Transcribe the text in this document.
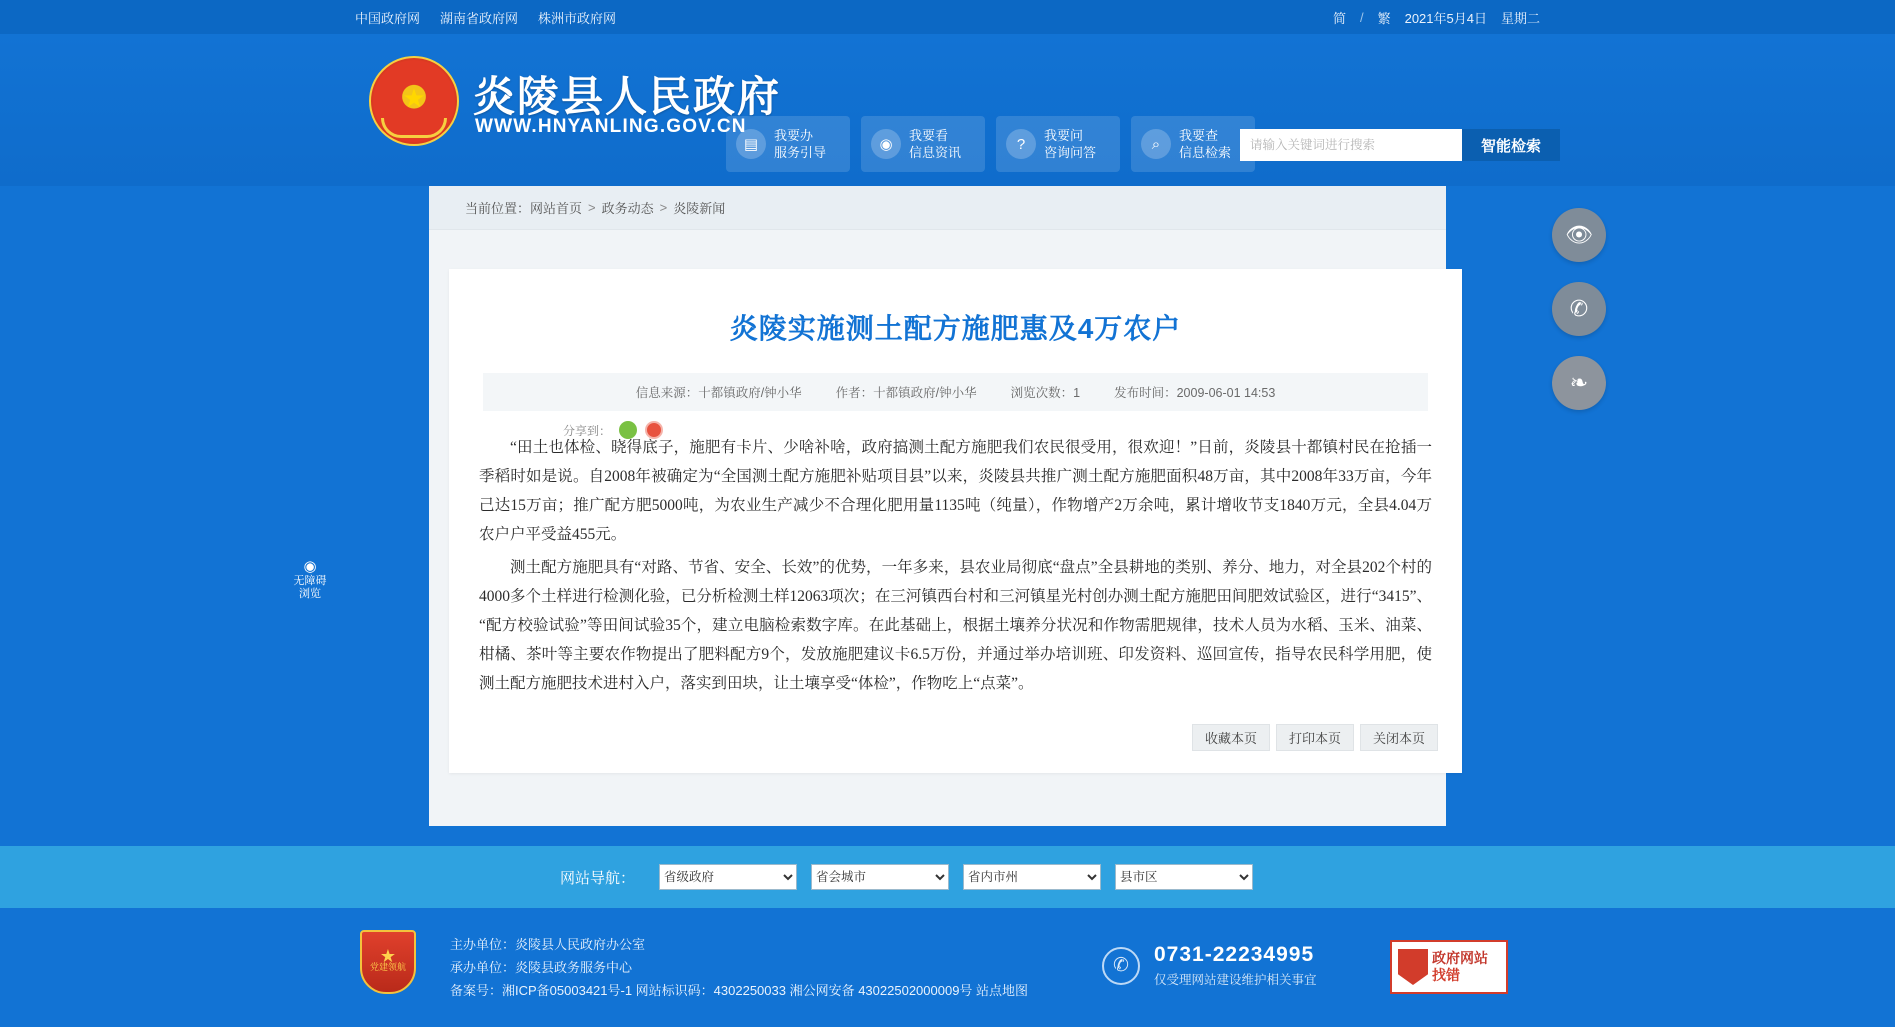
中国政府网 湖南省政府网 株洲市政府网	简 / 繁 2021年5月4日 星期二
★ 炎陵县人民政府
WWW.HNYANLING.GOV.CN
▤
我要办
服务引导	◉
我要看
信息资讯	?	我要问
咨询问答	⌕	我要查
信息检索
请输入关键词进行搜索	智能检索
◉
无障碍
浏览
当前位置： 网站首页 > 政务动态 > 炎陵新闻
炎陵实施测土配方施肥惠及4万农户
信息来源：十都镇政府/钟小华	作者：十都镇政府/钟小华	浏览次数：1	发布时间：2009-06-01 14:53
分享到：

“田土也体检、晓得底子，施肥有卡片、少啥补啥，政府搞测土配方施肥我们农民很受用，很欢迎！”日前，炎陵县十都镇村民在抢插一季稻时如是说。自2008年被确定为“全国测土配方施肥补贴项目县”以来，炎陵县共推广测土配方施肥面积48万亩，其中2008年33万亩，今年己达15万亩；推广配方肥5000吨，为农业生产减少不合理化肥用量1135吨（纯量），作物增产2万余吨，累计增收节支1840万元，全县4.04万农户户平受益455元。

测土配方施肥具有“对路、节省、安全、长效”的优势，一年多来，县农业局彻底“盘点”全县耕地的类别、养分、地力，对全县202个村的4000多个土样进行检测化验，已分析检测土样12063项次；在三河镇西台村和三河镇星光村创办测土配方施肥田间肥效试验区，进行“3415”、“配方校验试验”等田间试验35个，建立电脑检索数字库。在此基础上，根据土壤养分状况和作物需肥规律，技术人员为水稻、玉米、油菜、柑橘、茶叶等主要农作物提出了肥料配方9个，发放施肥建议卡6.5万份，并通过举办培训班、印发资料、巡回宣传，指导农民科学用肥，使测土配方施肥技术进村入户，落实到田块，让土壤享受“体检”，作物吃上“点菜”。

收藏本页	打印本页	关闭本页
👁
✆
❧
网站导航：
省级政府
省会城市
省内市州
县市区
★
党建领航
主办单位：炎陵县人民政府办公室
承办单位：炎陵县政务服务中心
备案号：湘ICP备05003421号-1 网站标识码：4302250033 湘公网安备 43022502000009号 站点地图
✆	0731-22234995
仅受理网站建设维护相关事宜
政府网站
找错
